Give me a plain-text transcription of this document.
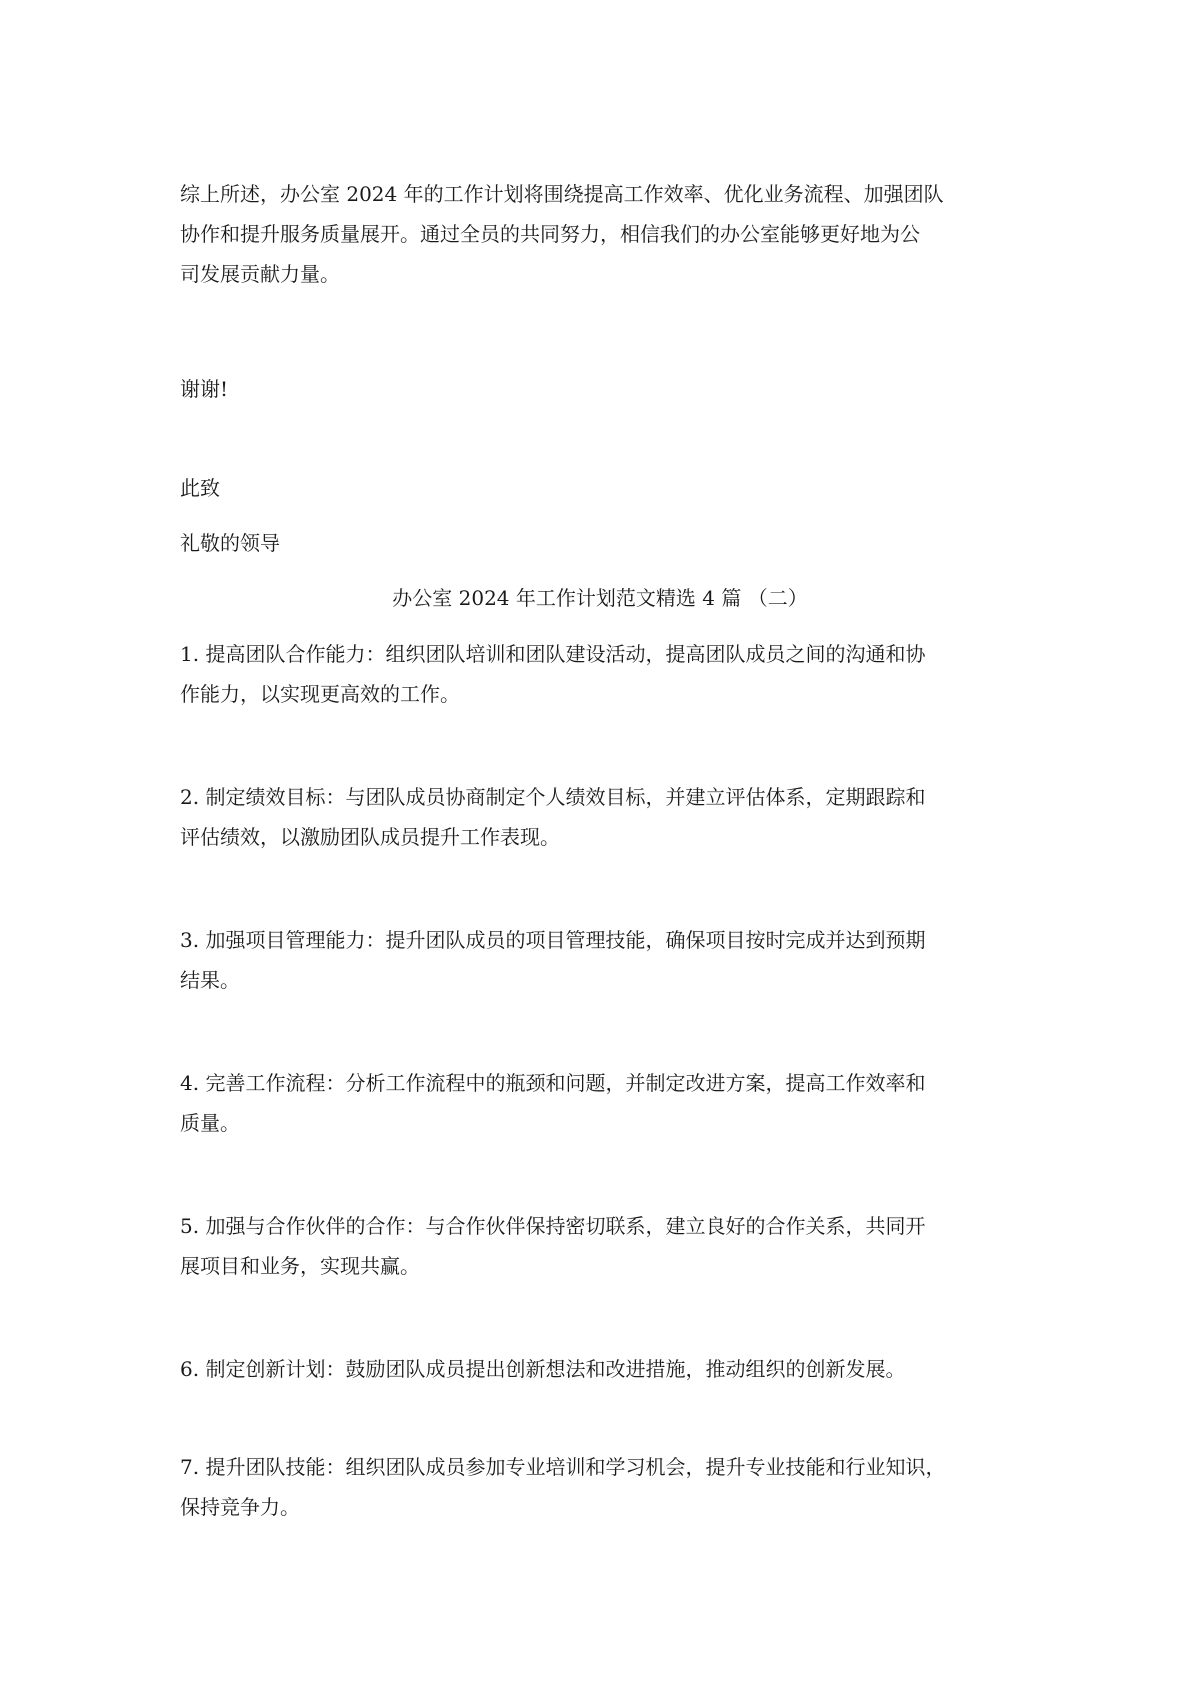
综上所述，办公室 2024 年的工作计划将围绕提高工作效率、优化业务流程、加强团队
协作和提升服务质量展开。通过全员的共同努力，相信我们的办公室能够更好地为公
司发展贡献力量。

谢谢!

此致

礼敬的领导

办公室 2024 年工作计划范文精选 4 篇 （二）

1. 提高团队合作能力：组织团队培训和团队建设活动，提高团队成员之间的沟通和协
作能力，以实现更高效的工作。
2. 制定绩效目标：与团队成员协商制定个人绩效目标，并建立评估体系，定期跟踪和
评估绩效，以激励团队成员提升工作表现。
3. 加强项目管理能力：提升团队成员的项目管理技能，确保项目按时完成并达到预期
结果。
4. 完善工作流程：分析工作流程中的瓶颈和问题，并制定改进方案，提高工作效率和
质量。
5. 加强与合作伙伴的合作：与合作伙伴保持密切联系，建立良好的合作关系，共同开
展项目和业务，实现共赢。
6. 制定创新计划：鼓励团队成员提出创新想法和改进措施，推动组织的创新发展。
7. 提升团队技能：组织团队成员参加专业培训和学习机会，提升专业技能和行业知识，
保持竞争力。
